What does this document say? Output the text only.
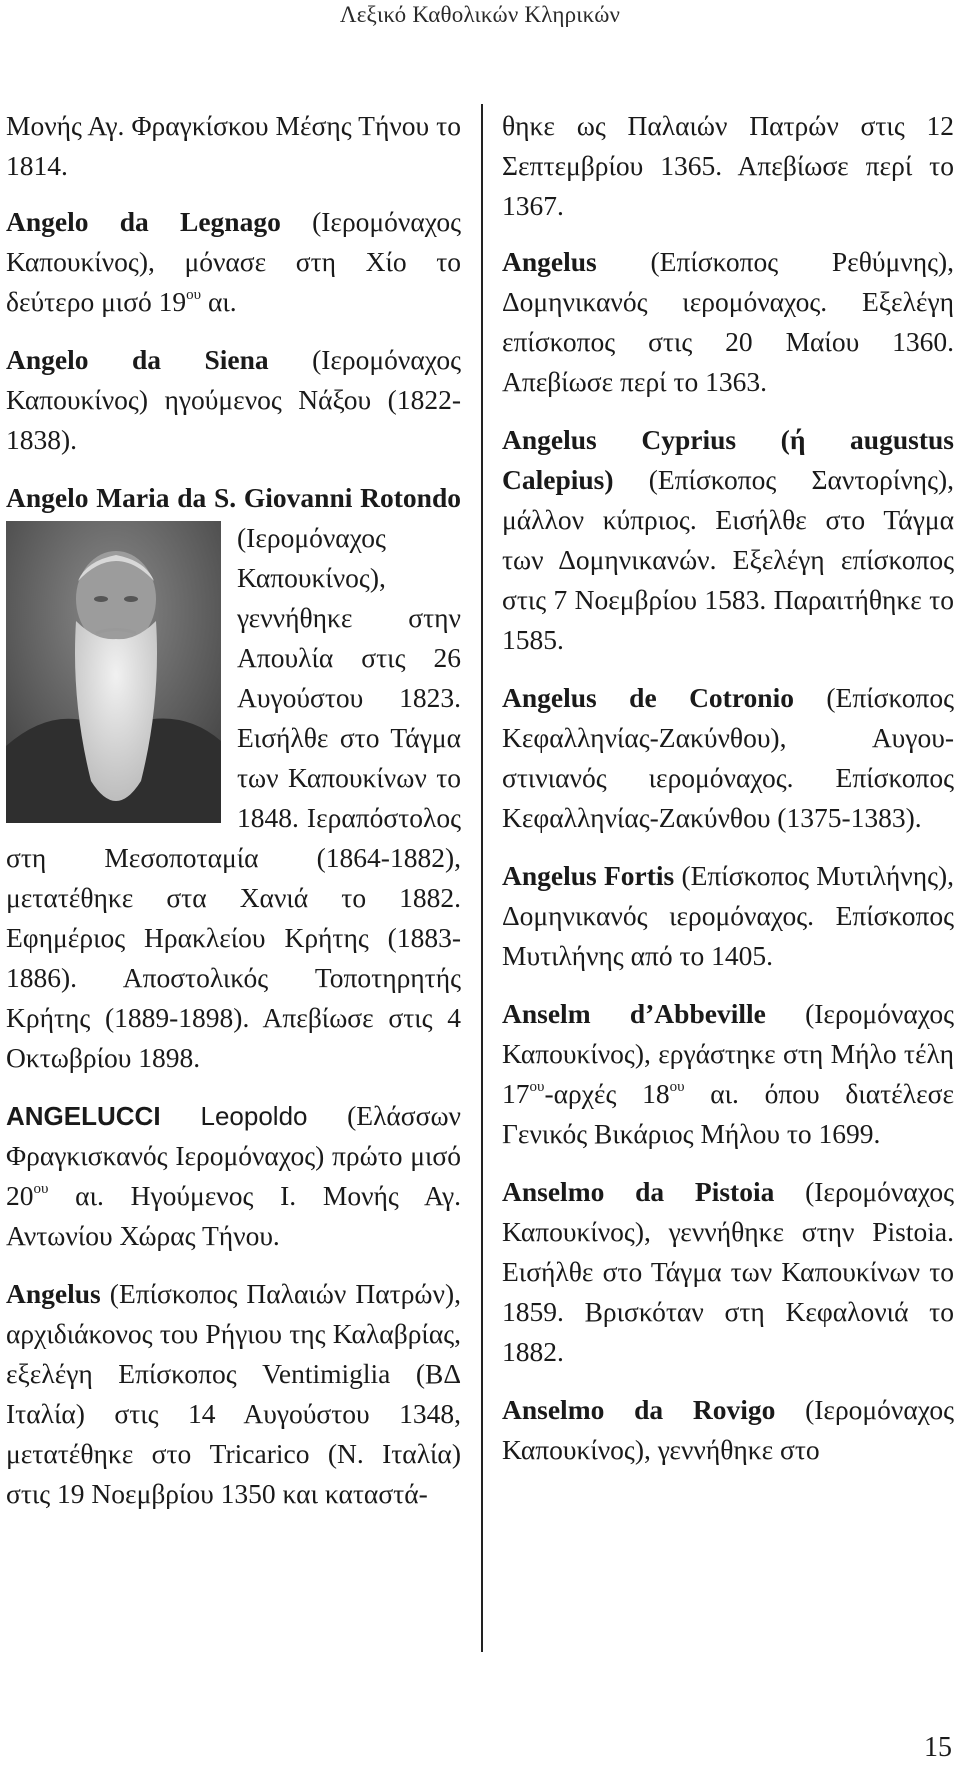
Λεξικό Καθολικών Κληρικών

Μονής Αγ. Φραγκίσκου Μέσης Τήνου το 1814.

Angelo da Legnago (Ιερομόναχος Καπουκίνος), μόνασε στη Χίο το δεύτερο μισό $19^{o\upsilon}$ αι.

Angelo da Siena (Ιερομόναχος Καπουκίνος) ηγούμενος Νάξου (1822-1838).

Angelo Maria da S. Giovanni Rotondo
(Ιερομόναχος Καπουκίνος), γεννήθηκε στην Απουλία στις 26 Αυγούστου 1823. Εισήλθε στο Τάγμα των Καπουκίνων το 1848. Ιεραπόστολος στη Μεσοποταμία (1864-1882), μετατέθηκε στα Χανιά το 1882. Εφημέριος Ηρακλείου Κρήτης (1883-1886). Αποστολικός Τοποτηρητής Κρήτης (1889-1898). Απεβίωσε στις 4 Οκτωβρίου 1898.

ANGELUCCI Leopoldo (Ελάσσων Φραγκισκανός Ιερομόναχος) πρώτο μισό $20^{o\upsilon}$ αι. Ηγούμενος Ι. Μονής Αγ. Αντωνίου Χώρας Τήνου.

Angelus (Επίσκοπος Παλαιών Πατρών), αρχιδιάκονος του Ρήγιου της Καλαβρίας, εξελέγη Επίσκοπος Ventimiglia (ΒΔ Ιταλία) στις 14 Αυγούστου 1348, μετατέθηκε στο Tricarico (Ν. Ιταλία) στις 19 Νοεμβρίου 1350 και καταστά-

θηκε ως Παλαιών Πατρών στις 12 Σεπτεμβρίου 1365. Απεβίωσε περί το 1367.

Angelus (Επίσκοπος Ρεθύμνης), Δομηνικανός ιερομόναχος. Εξελέγη επίσκοπος στις 20 Μαίου 1360. Απεβίωσε περί το 1363.

Angelus Cyprius (ή augustus Calepius) (Επίσκοπος Σαντορίνης), μάλλον κύπριος. Εισήλθε στο Τάγμα των Δομηνικανών. Εξελέγη επίσκοπος στις 7 Νοεμβρίου 1583. Παραιτήθηκε το 1585.

Angelus de Cotronio (Επίσκοπος Κεφαλληνίας-Ζακύνθου), Αυγουστινιανός ιερομόναχος. Επίσκοπος Κεφαλληνίας-Ζακύνθου (1375-1383).

Angelus Fortis (Επίσκοπος Μυτιλήνης), Δομηνικανός ιερομόναχος. Επίσκοπος Μυτιλήνης από το 1405.

Anselm d’Abbeville (Ιερομόναχος Καπουκίνος), εργάστηκε στη Μήλο τέλη $17^{o\upsilon}$-αρχές $18^{o\upsilon}$ αι. όπου διατέλεσε Γενικός Βικάριος Μήλου το 1699.

Anselmo da Pistoia (Ιερομόναχος Καπουκίνος), γεννήθηκε στην Pistoia. Εισήλθε στο Τάγμα των Καπουκίνων το 1859. Βρισκόταν στη Κεφαλονιά το 1882.

Anselmo da Rovigo (Ιερομόναχος Καπουκίνος), γεννήθηκε στο

15
